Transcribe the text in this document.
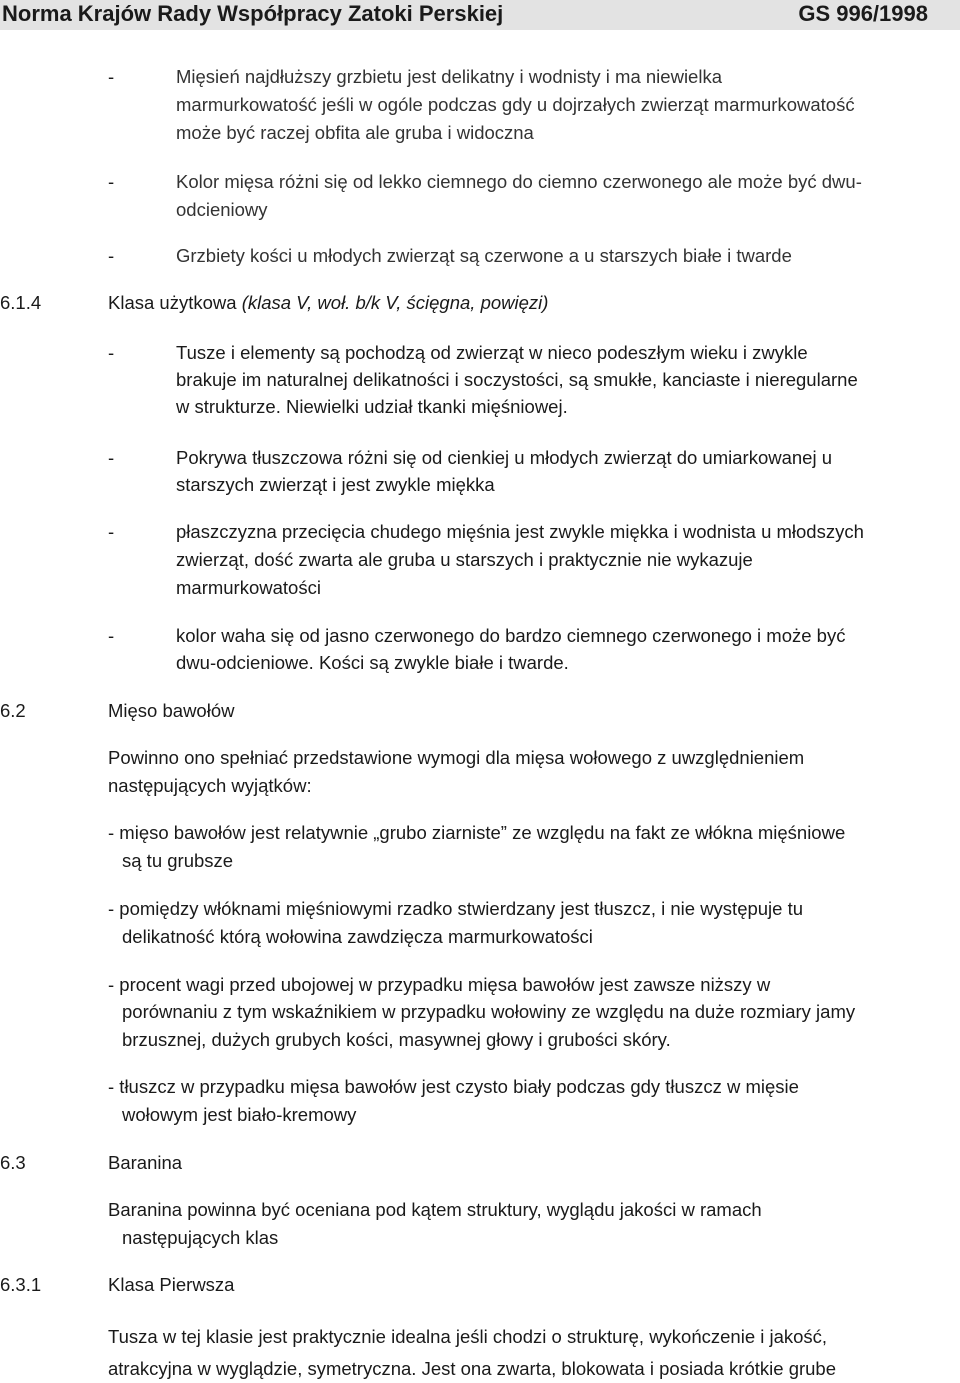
Norma Krajów Rady Współpracy Zatoki Perskiej	GS 996/1998
-	Mięsień najdłuższy grzbietu jest delikatny i wodnisty i ma niewielka
marmurkowatość jeśli w ogóle podczas gdy u dojrzałych zwierząt marmurkowatość
może być raczej obfita ale gruba i widoczna
-	Kolor mięsa różni się od lekko ciemnego do ciemno czerwonego ale może być dwu-
odcieniowy
-	Grzbiety kości u młodych zwierząt są czerwone a u starszych białe i twarde
6.1.4	Klasa użytkowa (klasa V, woł. b/k V, ścięgna, powięzi)
-	Tusze i elementy są pochodzą od zwierząt w nieco podeszłym wieku i zwykle
brakuje im naturalnej delikatności i soczystości, są smukłe, kanciaste i nieregularne
w strukturze. Niewielki udział tkanki mięśniowej.
-	Pokrywa tłuszczowa różni się od cienkiej u młodych zwierząt do umiarkowanej u
starszych zwierząt i jest zwykle miękka
-	płaszczyzna przecięcia chudego mięśnia jest zwykle miękka i wodnista u młodszych
zwierząt, dość zwarta ale gruba u starszych i praktycznie nie wykazuje
marmurkowatości
-	kolor waha się od jasno czerwonego do bardzo ciemnego czerwonego i może być
dwu-odcieniowe. Kości są zwykle białe i twarde.
6.2	Mięso bawołów
Powinno ono spełniać przedstawione wymogi dla mięsa wołowego z uwzględnieniem
następujących wyjątków:
- mięso bawołów jest relatywnie „grubo ziarniste” ze względu na fakt ze włókna mięśniowe
są tu grubsze
- pomiędzy włóknami mięśniowymi rzadko stwierdzany jest tłuszcz, i nie występuje tu
delikatność którą wołowina zawdzięcza marmurkowatości
- procent wagi przed ubojowej w przypadku mięsa bawołów jest zawsze niższy w
porównaniu z tym wskaźnikiem w przypadku wołowiny ze względu na duże rozmiary jamy
brzusznej, dużych grubych kości, masywnej głowy i grubości skóry.
- tłuszcz w przypadku mięsa bawołów jest czysto biały podczas gdy tłuszcz w mięsie
wołowym jest biało-kremowy
6.3	Baranina
Baranina powinna być oceniana pod kątem struktury, wyglądu jakości w ramach
następujących klas
6.3.1	Klasa Pierwsza
Tusza w tej klasie jest praktycznie idealna jeśli chodzi o strukturę, wykończenie i jakość,
atrakcyjna w wyglądzie, symetryczna. Jest ona zwarta, blokowata i posiada krótkie grube
